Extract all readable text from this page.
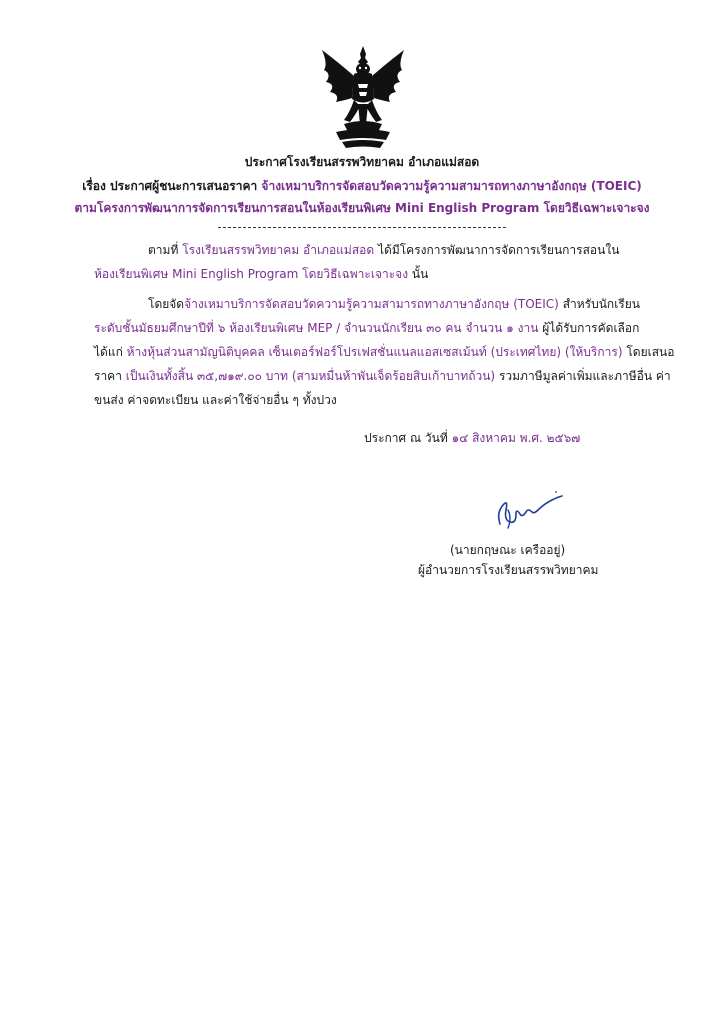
ประกาศโรงเรียนสรรพวิทยาคม อำเภอแม่สอด
เรื่อง ประกาศผู้ชนะการเสนอราคา จ้างเหมาบริการจัดสอบวัดความรู้ความสามารถทางภาษาอังกฤษ (TOEIC)
ตามโครงการพัฒนาการจัดการเรียนการสอนในห้องเรียนพิเศษ Mini English Program โดยวิธีเฉพาะเจาะจง
ตามที่ โรงเรียนสรรพวิทยาคม อำเภอแม่สอด ได้มีโครงการพัฒนาการจัดการเรียนการสอนใน
ห้องเรียนพิเศษ Mini English Program โดยวิธีเฉพาะเจาะจง นั้น
โดยจัดจ้างเหมาบริการจัดสอบวัดความรู้ความสามารถทางภาษาอังกฤษ (TOEIC) สำหรับนักเรียน
ระดับชั้นมัธยมศึกษาปีที่ ๖ ห้องเรียนพิเศษ MEP / จำนวนนักเรียน ๓๐ คน จำนวน ๑ งาน ผู้ได้รับการคัดเลือก
ได้แก่ ห้างหุ้นส่วนสามัญนิติบุคคล เซ็นเตอร์ฟอร์โปรเฟสชั่นแนลแอสเซสเม้นท์ (ประเทศไทย) (ให้บริการ) โดยเสนอ
ราคา เป็นเงินทั้งสิ้น ๓๕,๗๑๙.๐๐ บาท (สามหมื่นห้าพันเจ็ดร้อยสิบเก้าบาทถ้วน) รวมภาษีมูลค่าเพิ่มและภาษีอื่น ค่า
ขนส่ง ค่าจดทะเบียน และค่าใช้จ่ายอื่น ๆ ทั้งปวง
ประกาศ ณ วันที่ ๑๔ สิงหาคม พ.ศ. ๒๕๖๗
(นายกฤษณะ เครืออยู่)
ผู้อำนวยการโรงเรียนสรรพวิทยาคม
